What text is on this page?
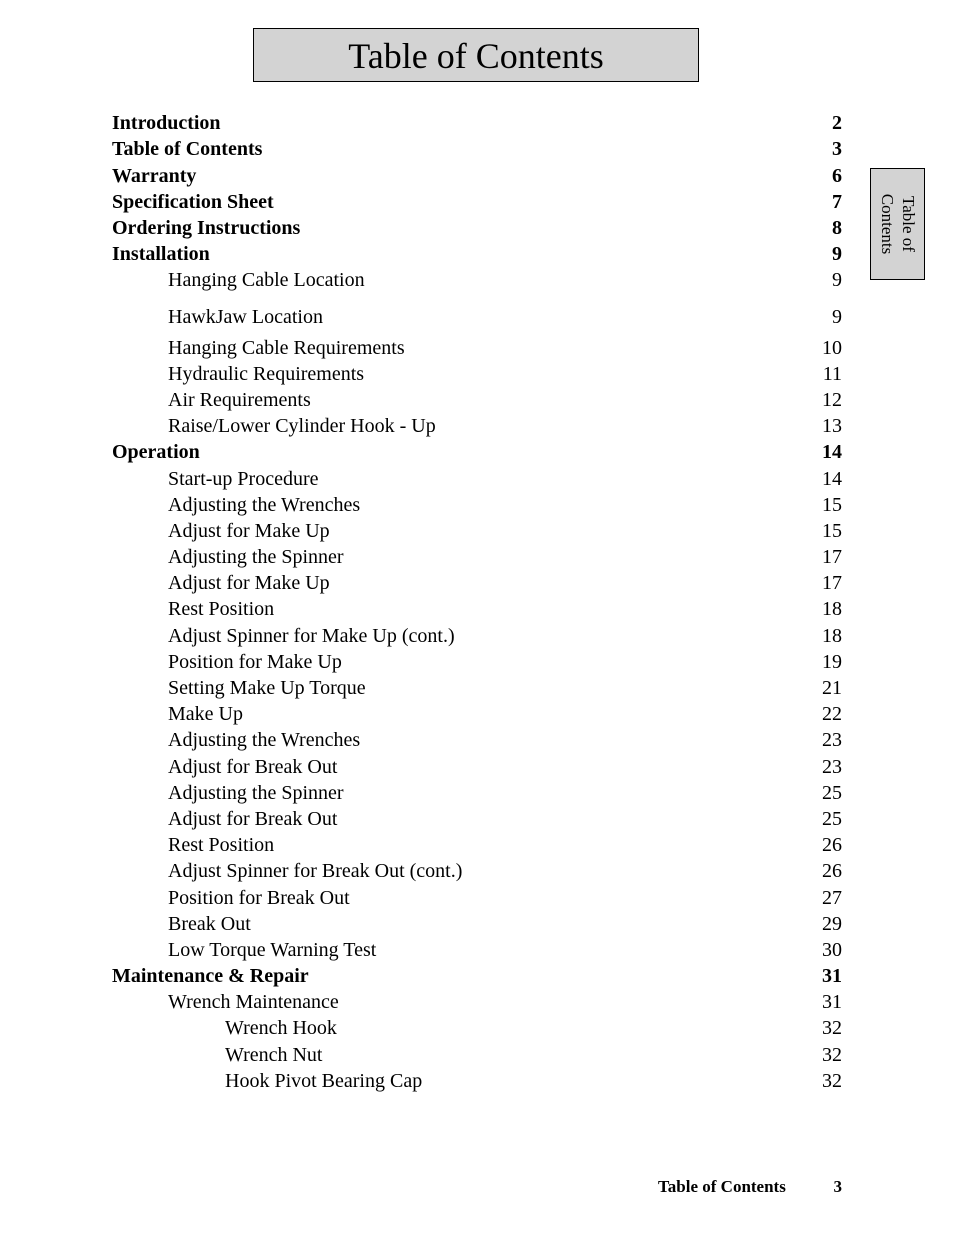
Table of Contents
Introduction	2
Table of Contents	3
Warranty	6
Specification Sheet	7
Ordering Instructions	8
Installation	9
Hanging Cable Location	9
HawkJaw Location	9
Hanging Cable Requirements	10
Hydraulic Requirements	11
Air Requirements	12
Raise/Lower Cylinder Hook - Up	13
Operation	14
Start-up Procedure	14
Adjusting the Wrenches	15
Adjust for Make Up	15
Adjusting the Spinner	17
Adjust for Make Up	17
Rest Position	18
Adjust Spinner for Make Up (cont.)	18
Position for Make Up	19
Setting Make Up Torque	21
Make Up	22
Adjusting the Wrenches	23
Adjust for Break Out	23
Adjusting the Spinner	25
Adjust for Break Out	25
Rest Position	26
Adjust Spinner for Break Out (cont.)	26
Position for Break Out	27
Break Out	29
Low Torque Warning Test	30
Maintenance & Repair	31
Wrench Maintenance	31
Wrench Hook	32
Wrench Nut	32
Hook Pivot Bearing Cap	32
Table of
Contents
Table of Contents	3
